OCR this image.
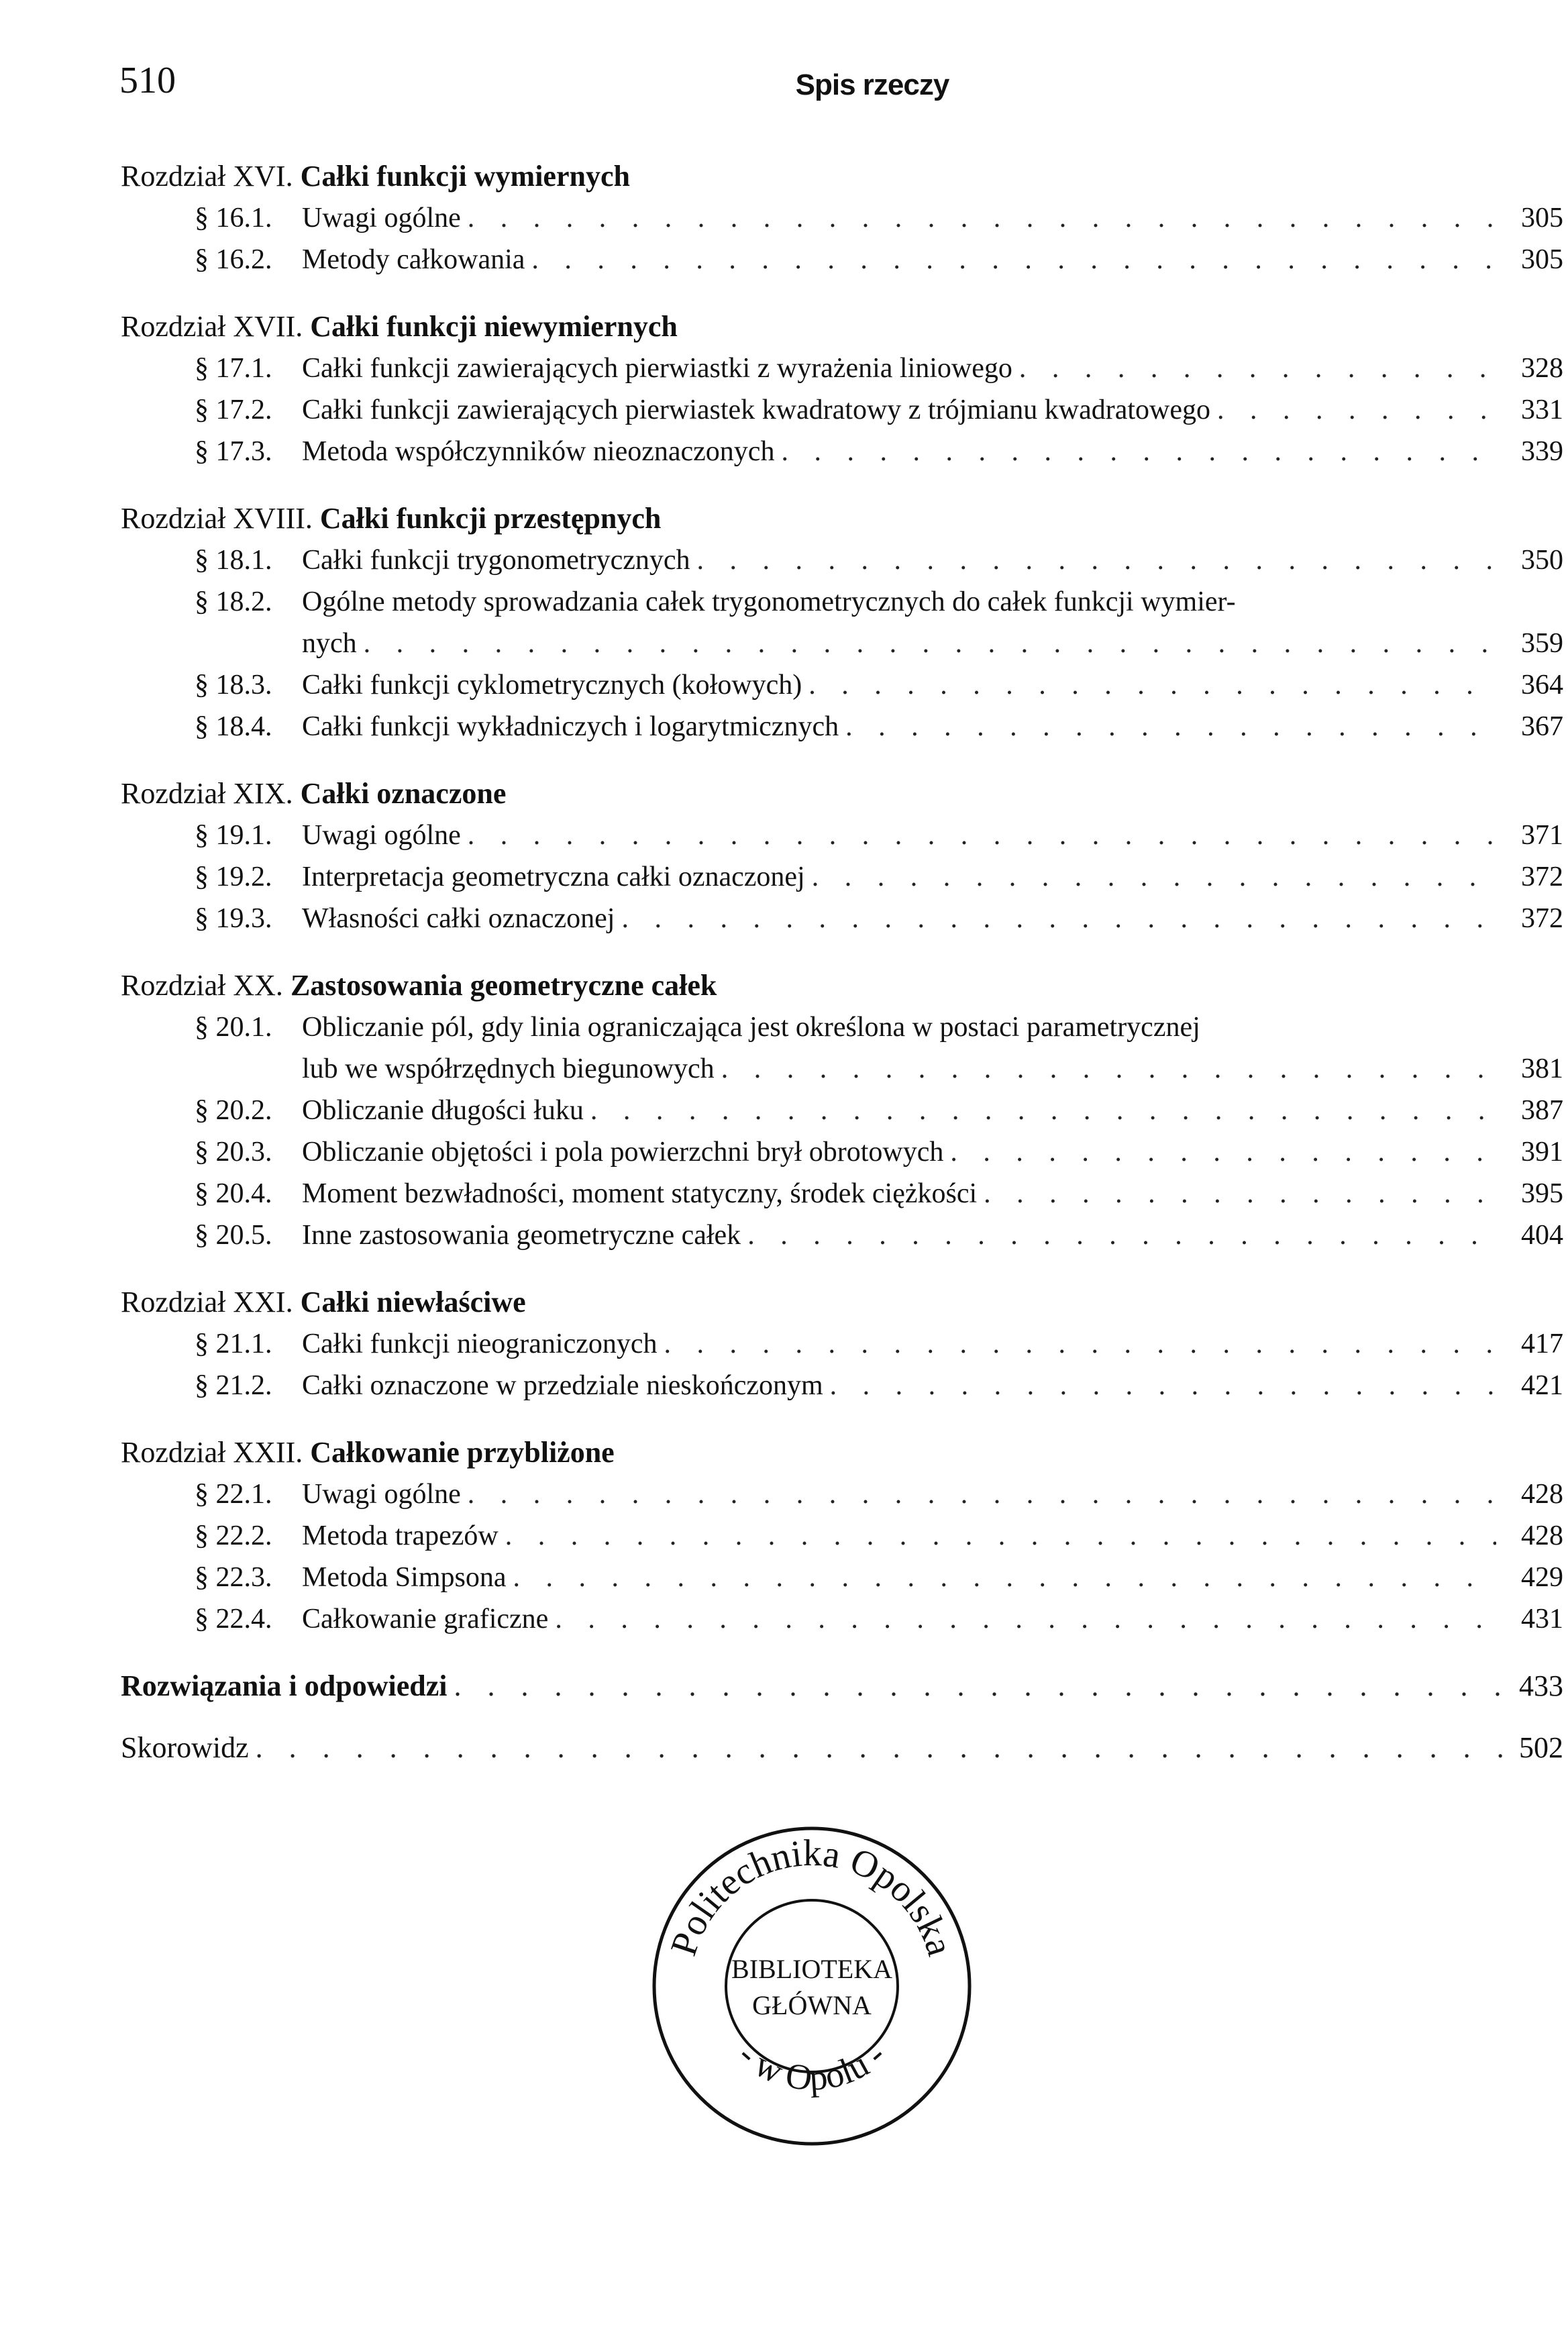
510	Spis rzeczy
Rozdział XVI. Całki funkcji wymiernych
§ 16.1.	Uwagi ogólne . . .	305
§ 16.2.	Metody całkowania . . .	305
Rozdział XVII. Całki funkcji niewymiernych
§ 17.1.	Całki funkcji zawierających pierwiastki z wyrażenia liniowego . . .	328
§ 17.2.	Całki funkcji zawierających pierwiastek kwadratowy z trójmianu kwadratowego . . .	331
§ 17.3.	Metoda współczynników nieoznaczonych . . .	339
Rozdział XVIII. Całki funkcji przestępnych
§ 18.1.	Całki funkcji trygonometrycznych . . .	350
§ 18.2.	Ogólne metody sprowadzania całek trygonometrycznych do całek funkcji wymier-
nych . . .	359
§ 18.3.	Całki funkcji cyklometrycznych (kołowych) . . .	364
§ 18.4.	Całki funkcji wykładniczych i logarytmicznych . . .	367
Rozdział XIX. Całki oznaczone
§ 19.1.	Uwagi ogólne . . .	371
§ 19.2.	Interpretacja geometryczna całki oznaczonej . . .	372
§ 19.3.	Własności całki oznaczonej . . .	372
Rozdział XX. Zastosowania geometryczne całek
§ 20.1.	Obliczanie pól, gdy linia ograniczająca jest określona w postaci parametrycznej
lub we współrzędnych biegunowych . . .	381
§ 20.2.	Obliczanie długości łuku . . .	387
§ 20.3.	Obliczanie objętości i pola powierzchni brył obrotowych . . .	391
§ 20.4.	Moment bezwładności, moment statyczny, środek ciężkości . . .	395
§ 20.5.	Inne zastosowania geometryczne całek . . .	404
Rozdział XXI. Całki niewłaściwe
§ 21.1.	Całki funkcji nieograniczonych . . .	417
§ 21.2.	Całki oznaczone w przedziale nieskończonym . . .	421
Rozdział XXII. Całkowanie przybliżone
§ 22.1.	Uwagi ogólne . . .	428
§ 22.2.	Metoda trapezów . . .	428
§ 22.3.	Metoda Simpsona . . .	429
§ 22.4.	Całkowanie graficzne . . .	431
Rozwiązania i odpowiedzi . . .	433
Skorowidz . . .	502
Politechnika Opolska
- w Opolu -
BIBLIOTEKA
GŁÓWNA
